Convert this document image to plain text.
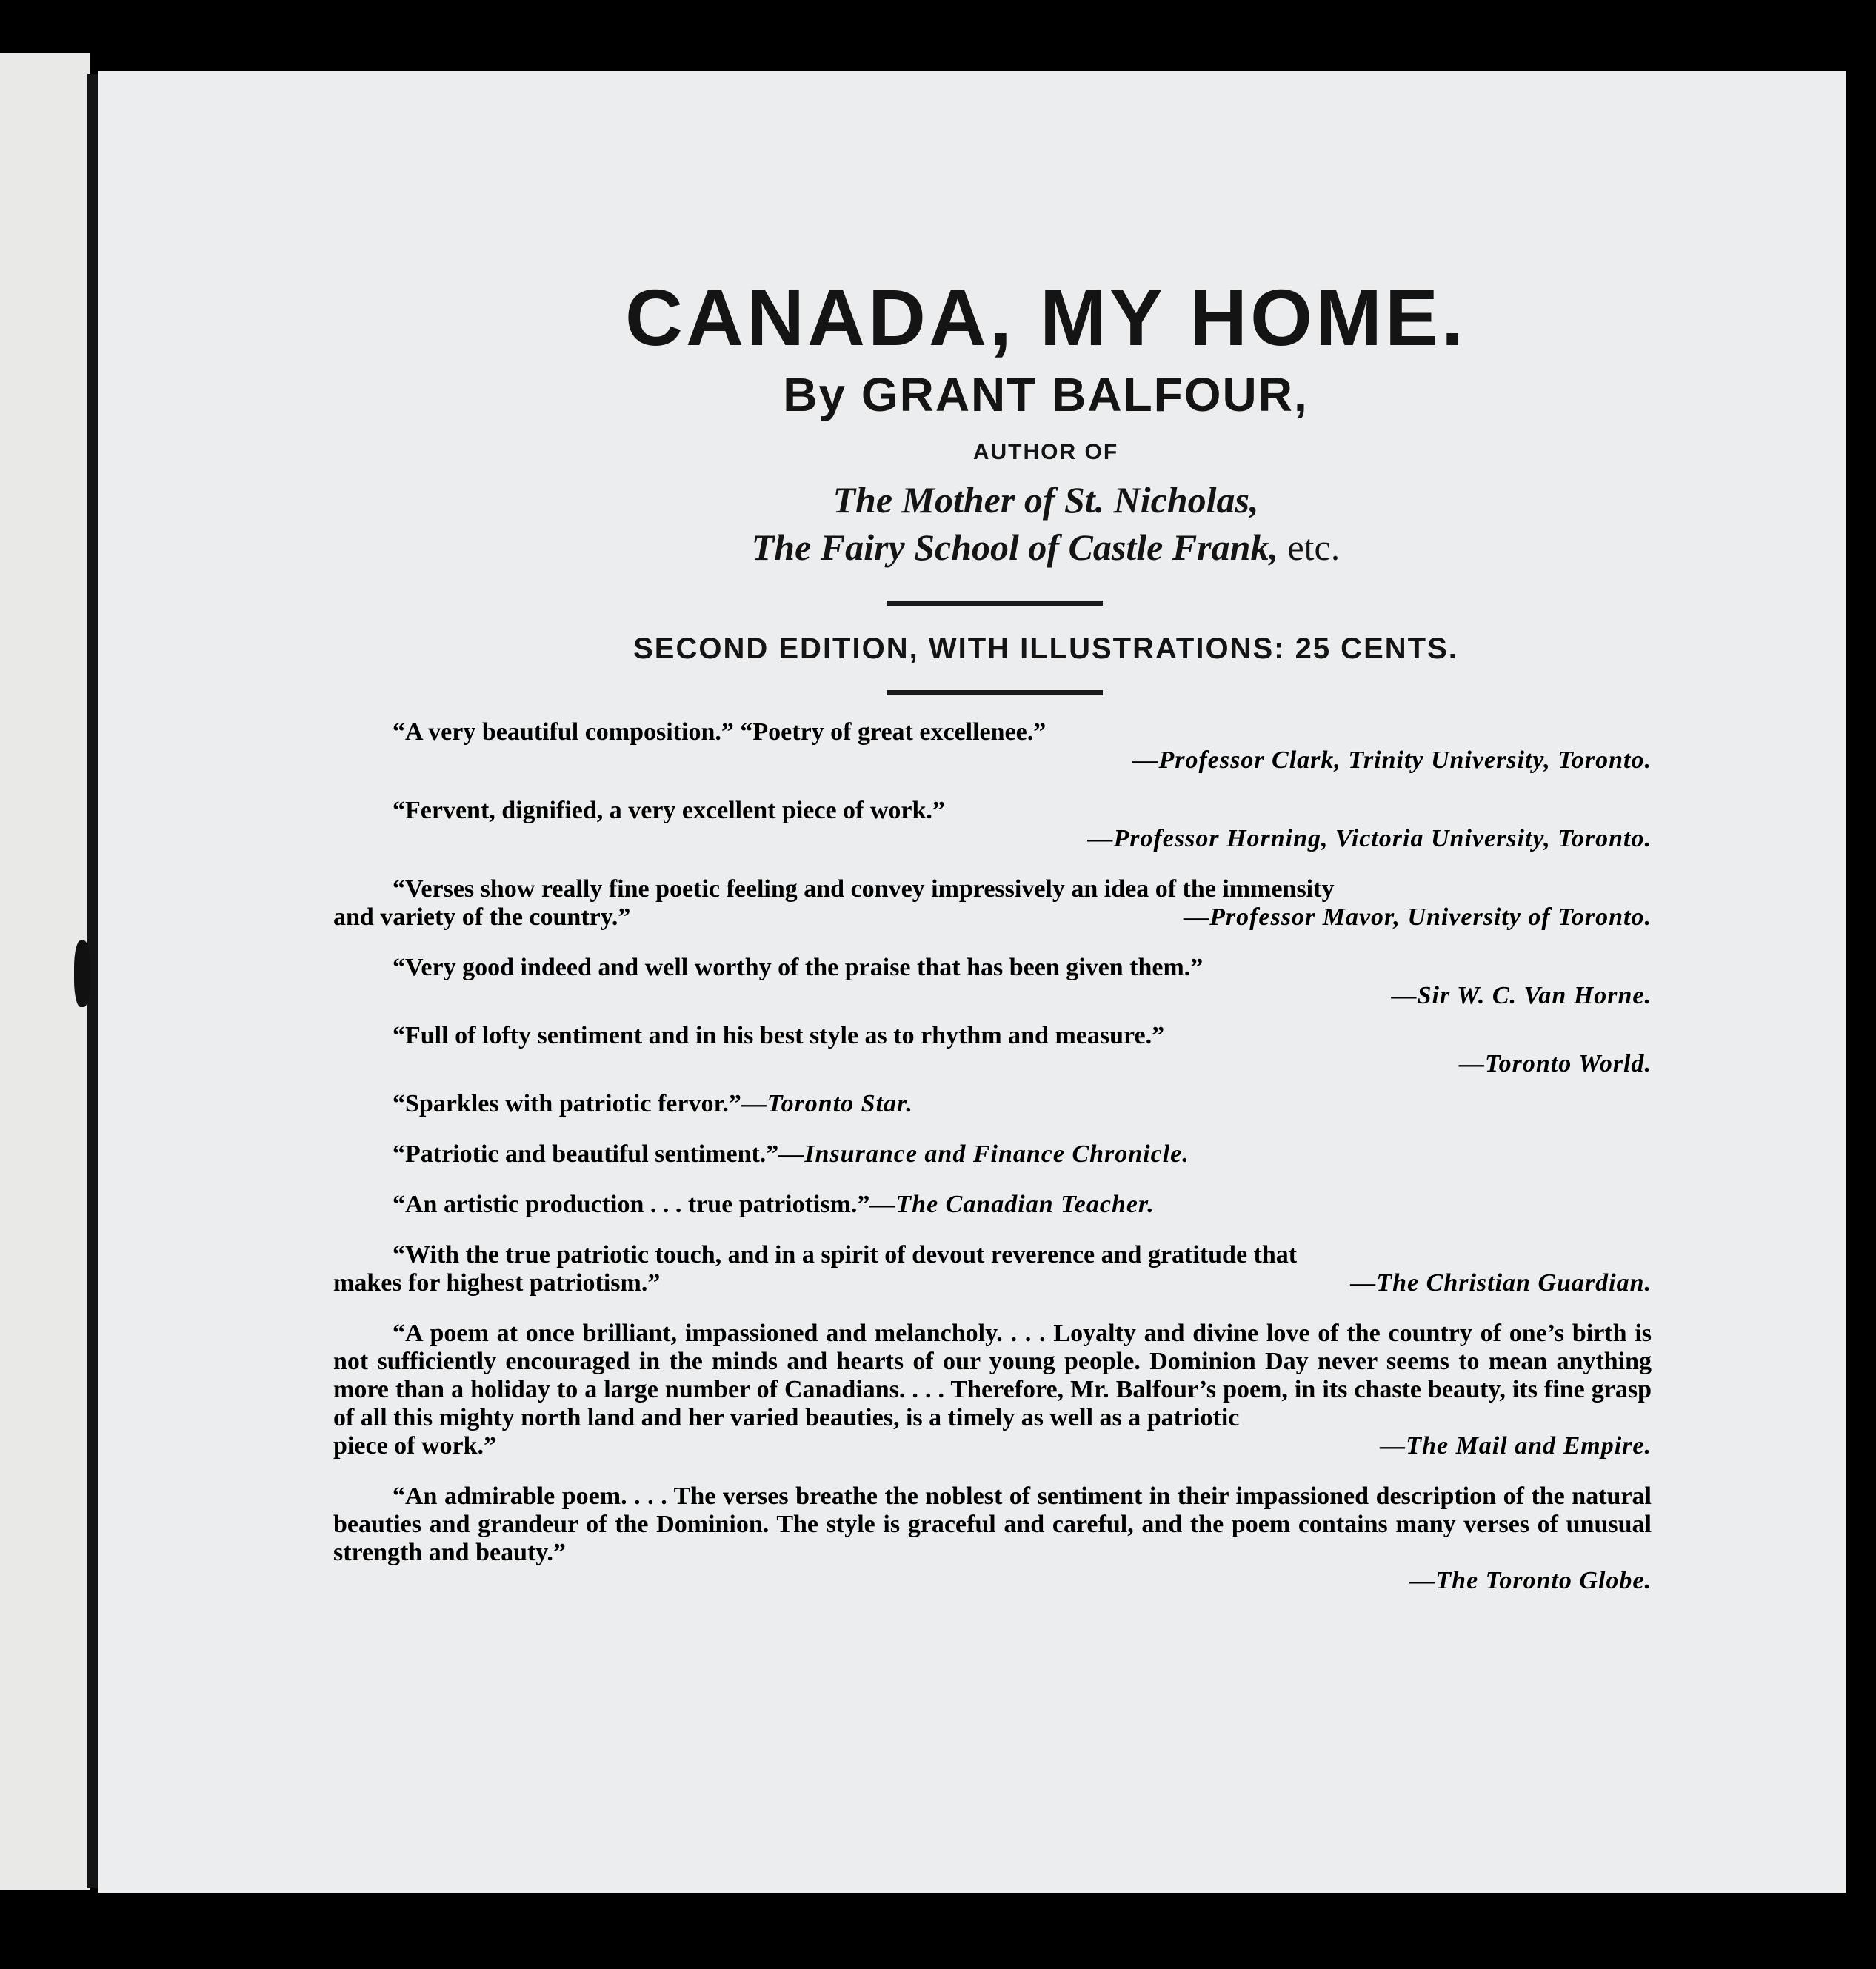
CANADA, MY HOME.
By GRANT BALFOUR,
AUTHOR OF
The Mother of St. Nicholas,
The Fairy School of Castle Frank, etc.
SECOND EDITION, WITH ILLUSTRATIONS: 25 CENTS.
“A very beautiful composition.” “Poetry of great excellenee.”
—Professor Clark, Trinity University, Toronto.
“Fervent, dignified, a very excellent piece of work.”
—Professor Horning, Victoria University, Toronto.
“Verses show really fine poetic feeling and convey impressively an idea of the immensity
and variety of the country.”	—Professor Mavor, University of Toronto.
“Very good indeed and well worthy of the praise that has been given them.”
—Sir W. C. Van Horne.
“Full of lofty sentiment and in his best style as to rhythm and measure.”
—Toronto World.
“Sparkles with patriotic fervor.”—Toronto Star.
“Patriotic and beautiful sentiment.”—Insurance and Finance Chronicle.
“An artistic production . . . true patriotism.”—The Canadian Teacher.
“With the true patriotic touch, and in a spirit of devout reverence and gratitude that
makes for highest patriotism.”	—The Christian Guardian.
“A poem at once brilliant, impassioned and melancholy. . . . Loyalty and divine love of the country of one’s birth is not sufficiently encouraged in the minds and hearts of our young people. Dominion Day never seems to mean anything more than a holiday to a large number of Canadians. . . . Therefore, Mr. Balfour’s poem, in its chaste beauty, its fine grasp of all this mighty north land and her varied beauties, is a timely as well as a patriotic
piece of work.”	—The Mail and Empire.
“An admirable poem. . . . The verses breathe the noblest of sentiment in their impassioned description of the natural beauties and grandeur of the Dominion. The style is graceful and careful, and the poem contains many verses of unusual strength and beauty.”
—The Toronto Globe.
